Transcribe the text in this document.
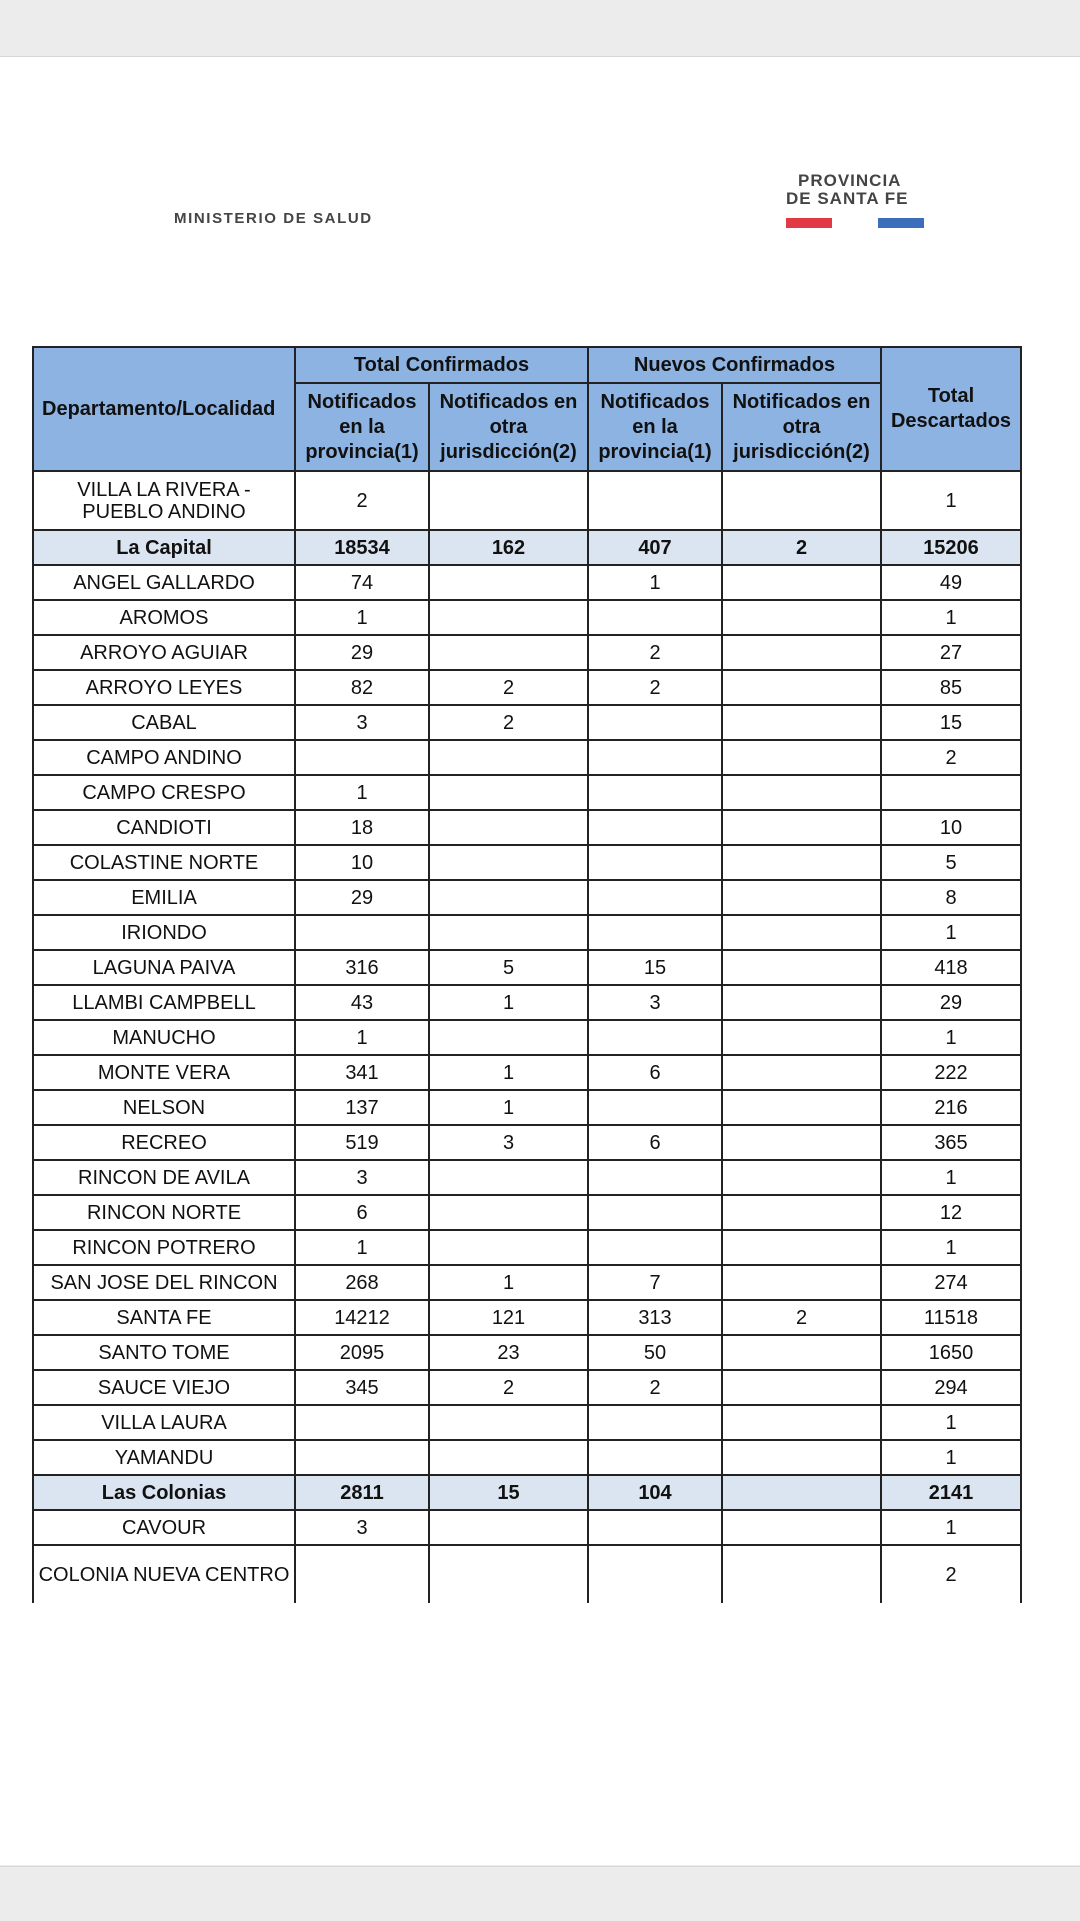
MINISTERIO DE SALUD
PROVINCIA
DE SANTA FE
Departamento/Localidad	Total Confirmados		Nuevos Confirmados		Total Descartados
	Notificados en la provincia(1)	Notificados en otra jurisdicción(2)	Notificados en la provincia(1)	Notificados en otra jurisdicción(2)	
VILLA LA RIVERA - PUEBLO ANDINO	2				1
La Capital	18534	162	407	2	15206
ANGEL GALLARDO	74		1		49
AROMOS	1				1
ARROYO AGUIAR	29		2		27
ARROYO LEYES	82	2	2		85
CABAL	3	2			15
CAMPO ANDINO					2
CAMPO CRESPO	1				
CANDIOTI	18				10
COLASTINE NORTE	10				5
EMILIA	29				8
IRIONDO					1
LAGUNA PAIVA	316	5	15		418
LLAMBI CAMPBELL	43	1	3		29
MANUCHO	1				1
MONTE VERA	341	1	6		222
NELSON	137	1			216
RECREO	519	3	6		365
RINCON DE AVILA	3				1
RINCON NORTE	6				12
RINCON POTRERO	1				1
SAN JOSE DEL RINCON	268	1	7		274
SANTA FE	14212	121	313	2	11518
SANTO TOME	2095	23	50		1650
SAUCE VIEJO	345	2	2		294
VILLA LAURA					1
YAMANDU					1
Las Colonias	2811	15	104		2141
CAVOUR	3				1
COLONIA NUEVA CENTRO					2
